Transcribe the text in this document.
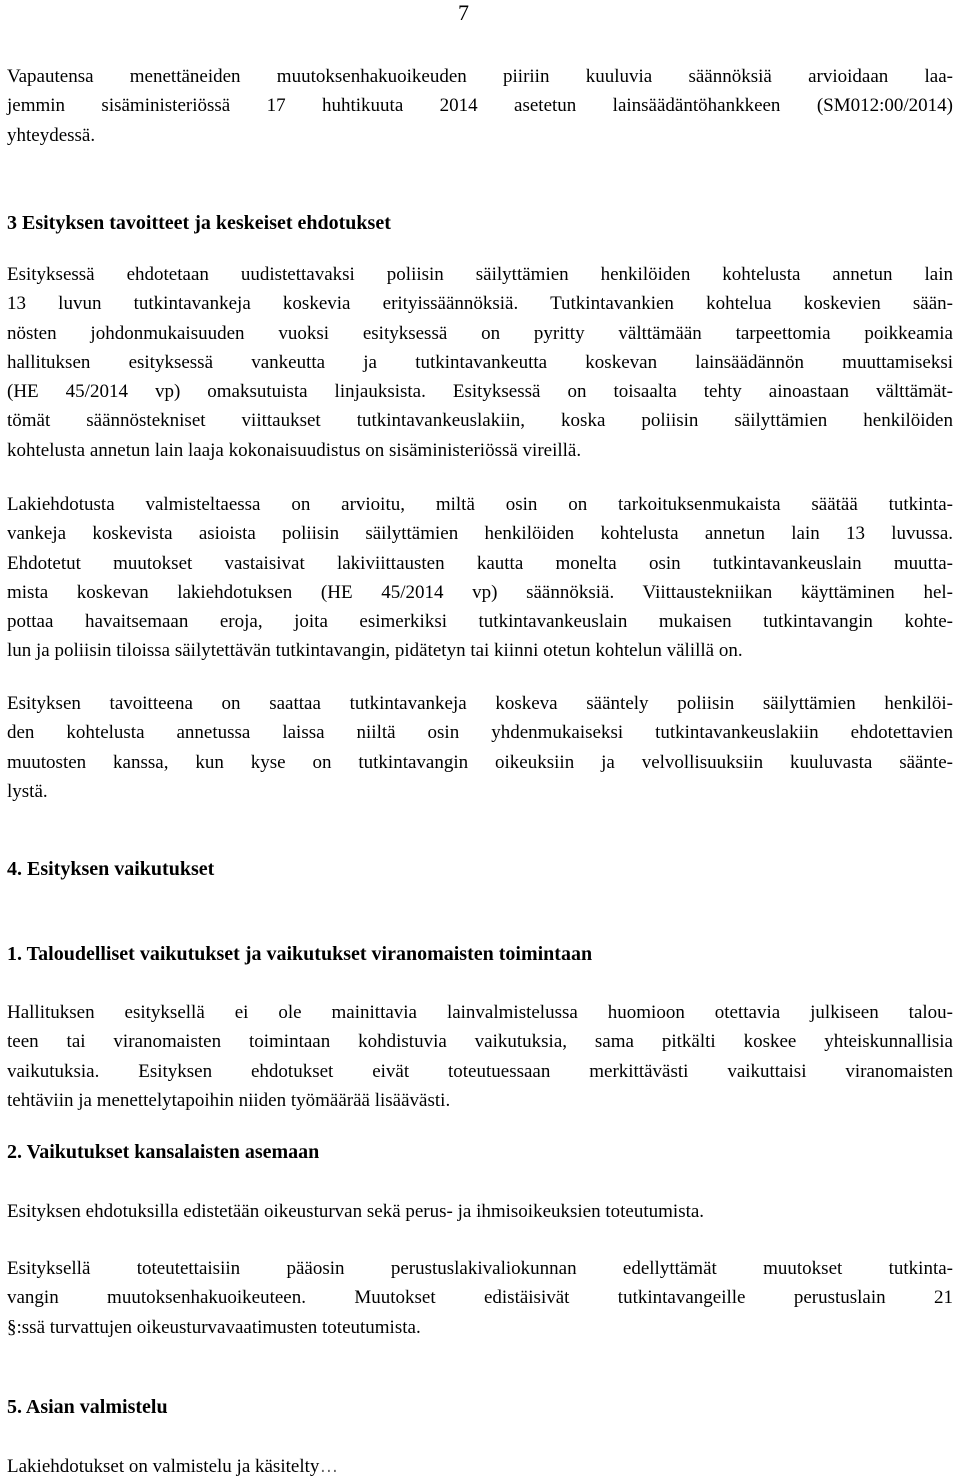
7
Vapautensa menettäneiden muutoksenhakuoikeuden piiriin kuuluvia säännöksiä arvioidaan laa-
jemmin sisäministeriössä 17 huhtikuuta 2014 asetetun lainsäädäntöhankkeen (SM012:00/2014)
yhteydessä.
3 Esityksen tavoitteet ja keskeiset ehdotukset
Esityksessä ehdotetaan uudistettavaksi poliisin säilyttämien henkilöiden kohtelusta annetun lain
13 luvun tutkintavankeja koskevia erityissäännöksiä. Tutkintavankien kohtelua koskevien sään-
nösten johdonmukaisuuden vuoksi esityksessä on pyritty välttämään tarpeettomia poikkeamia
hallituksen esityksessä vankeutta ja tutkintavankeutta koskevan lainsäädännön muuttamiseksi
(HE 45/2014 vp) omaksutuista linjauksista. Esityksessä on toisaalta tehty ainoastaan välttämät-
tömät säännöstekniset viittaukset tutkintavankeuslakiin, koska poliisin säilyttämien henkilöiden
kohtelusta annetun lain laaja kokonaisuudistus on sisäministeriössä vireillä.
Lakiehdotusta valmisteltaessa on arvioitu, miltä osin on tarkoituksenmukaista säätää tutkinta-
vankeja koskevista asioista poliisin säilyttämien henkilöiden kohtelusta annetun lain 13 luvussa.
Ehdotetut muutokset vastaisivat lakiviittausten kautta monelta osin tutkintavankeuslain muutta-
mista koskevan lakiehdotuksen (HE 45/2014 vp) säännöksiä. Viittaustekniikan käyttäminen hel-
pottaa havaitsemaan eroja, joita esimerkiksi tutkintavankeuslain mukaisen tutkintavangin kohte-
lun ja poliisin tiloissa säilytettävän tutkintavangin, pidätetyn tai kiinni otetun kohtelun välillä on.
Esityksen tavoitteena on saattaa tutkintavankeja koskeva sääntely poliisin säilyttämien henkilöi-
den kohtelusta annetussa laissa niiltä osin yhdenmukaiseksi tutkintavankeuslakiin ehdotettavien
muutosten kanssa, kun kyse on tutkintavangin oikeuksiin ja velvollisuuksiin kuuluvasta säänte-
lystä.
4. Esityksen vaikutukset
1. Taloudelliset vaikutukset ja vaikutukset viranomaisten toimintaan
Hallituksen esityksellä ei ole mainittavia lainvalmistelussa huomioon otettavia julkiseen talou-
teen tai viranomaisten toimintaan kohdistuvia vaikutuksia, sama pitkälti koskee yhteiskunnallisia
vaikutuksia. Esityksen ehdotukset eivät toteutuessaan merkittävästi vaikuttaisi viranomaisten
tehtäviin ja menettelytapoihin niiden työmäärää lisäävästi.
2. Vaikutukset kansalaisten asemaan
Esityksen ehdotuksilla edistetään oikeusturvan sekä perus- ja ihmisoikeuksien toteutumista.
Esityksellä toteutettaisiin pääosin perustuslakivaliokunnan edellyttämät muutokset tutkinta-
vangin muutoksenhakuoikeuteen. Muutokset edistäisivät tutkintavangeille perustuslain 21
§:ssä turvattujen oikeusturvavaatimusten toteutumista.
5. Asian valmistelu
Lakiehdotukset on valmistelu ja käsitelty…
